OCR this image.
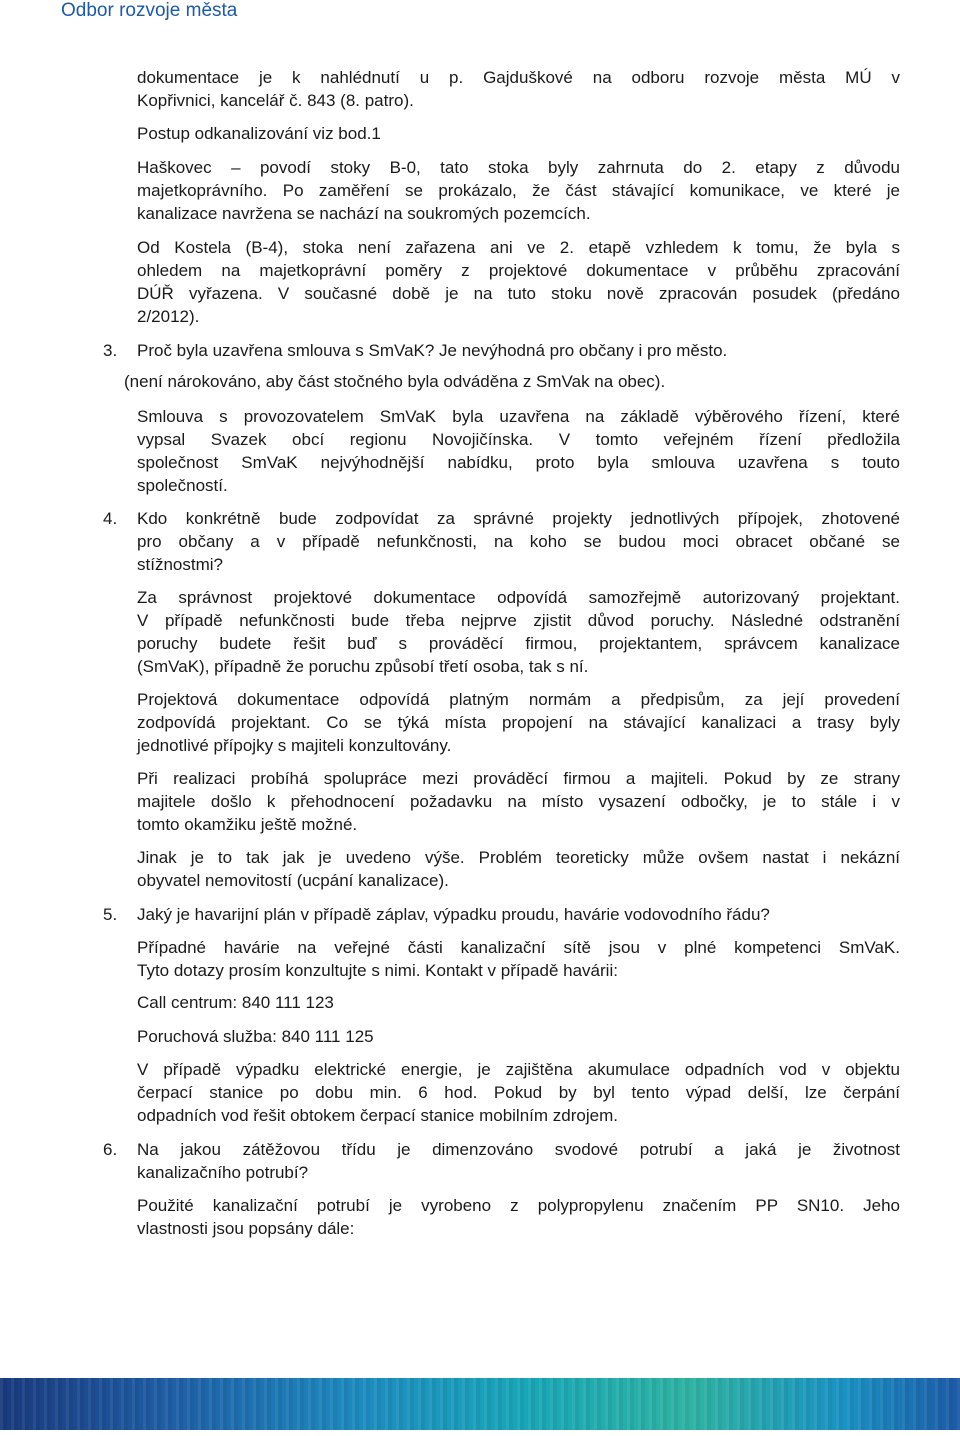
Odbor rozvoje města
dokumentace je k nahlédnutí u p. Gajduškové na odboru rozvoje města MÚ v
Kopřivnici, kancelář č. 843 (8. patro).
Postup odkanalizování viz bod.1
Haškovec – povodí stoky B-0, tato stoka byly zahrnuta do 2. etapy z důvodu
majetkoprávního. Po zaměření se prokázalo, že část stávající komunikace, ve které je
kanalizace navržena se nachází na soukromých pozemcích.
Od Kostela (B-4), stoka není zařazena ani ve 2. etapě vzhledem k tomu, že byla s
ohledem na majetkoprávní poměry z projektové dokumentace v průběhu zpracování
DÚŘ vyřazena. V současné době je na tuto stoku nově zpracován posudek (předáno
2/2012).
3. Proč byla uzavřena smlouva s SmVaK? Je nevýhodná pro občany i pro město.
(není nárokováno, aby část stočného byla odváděna z SmVak na obec).
Smlouva s provozovatelem SmVaK byla uzavřena na základě výběrového řízení, které
vypsal Svazek obcí regionu Novojičínska. V tomto veřejném řízení předložila
společnost SmVaK nejvýhodnější nabídku, proto byla smlouva uzavřena s touto
společností.
4. Kdo konkrétně bude zodpovídat za správné projekty jednotlivých přípojek, zhotovené
pro občany a v případě nefunkčnosti, na koho se budou moci obracet občané se
stížnostmi?
Za správnost projektové dokumentace odpovídá samozřejmě autorizovaný projektant.
V případě nefunkčnosti bude třeba nejprve zjistit důvod poruchy. Následné odstranění
poruchy budete řešit buď s prováděcí firmou, projektantem, správcem kanalizace
(SmVaK), případně že poruchu způsobí třetí osoba, tak s ní.
Projektová dokumentace odpovídá platným normám a předpisům, za její provedení
zodpovídá projektant. Co se týká místa propojení na stávající kanalizaci a trasy byly
jednotlivé přípojky s majiteli konzultovány.
Při realizaci probíhá spolupráce mezi prováděcí firmou a majiteli. Pokud by ze strany
majitele došlo k přehodnocení požadavku na místo vysazení odbočky, je to stále i v
tomto okamžiku ještě možné.
Jinak je to tak jak je uvedeno výše. Problém teoreticky může ovšem nastat i nekázní
obyvatel nemovitostí (ucpání kanalizace).
5. Jaký je havarijní plán v případě záplav, výpadku proudu, havárie vodovodního řádu?
Případné havárie na veřejné části kanalizační sítě jsou v plné kompetenci SmVaK.
Tyto dotazy prosím konzultujte s nimi. Kontakt v případě havárii:
Call centrum: 840 111 123
Poruchová služba: 840 111 125
V případě výpadku elektrické energie, je zajištěna akumulace odpadních vod v objektu
čerpací stanice po dobu min. 6 hod. Pokud by byl tento výpad delší, lze čerpání
odpadních vod řešit obtokem čerpací stanice mobilním zdrojem.
6. Na jakou zátěžovou třídu je dimenzováno svodové potrubí a jaká je životnost
kanalizačního potrubí?
Použité kanalizační potrubí je vyrobeno z polypropylenu značením PP SN10. Jeho
vlastnosti jsou popsány dále:
